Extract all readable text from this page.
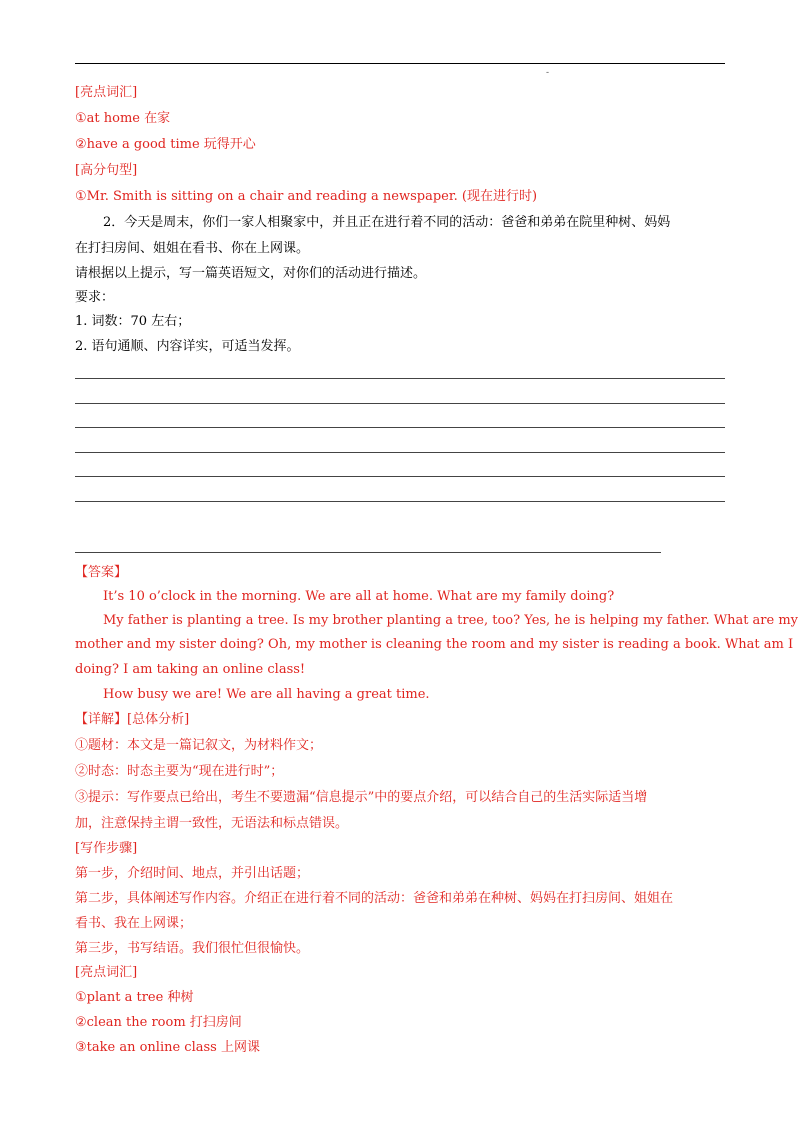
-
[亮点词汇]
①at home 在家
②have a good time 玩得开心
[高分句型]
①Mr. Smith is sitting on a chair and reading a newspaper. (现在进行时)
2．今天是周末，你们一家人相聚家中，并且正在进行着不同的活动：爸爸和弟弟在院里种树、妈妈
在打扫房间、姐姐在看书、你在上网课。
请根据以上提示，写一篇英语短文，对你们的活动进行描述。
要求：
1. 词数：70 左右；
2. 语句通顺、内容详实，可适当发挥。
【答案】
It’s 10 o’clock in the morning. We are all at home. What are my family doing?
My father is planting a tree. Is my brother planting a tree, too? Yes, he is helping my father. What are my
mother and my sister doing? Oh, my mother is cleaning the room and my sister is reading a book. What am I
doing? I am taking an online class!
How busy we are! We are all having a great time.
【详解】[总体分析]
①题材：本文是一篇记叙文，为材料作文；
②时态：时态主要为“现在进行时”；
③提示：写作要点已给出，考生不要遗漏“信息提示”中的要点介绍，可以结合自己的生活实际适当增
加，注意保持主谓一致性，无语法和标点错误。
[写作步骤]
第一步，介绍时间、地点，并引出话题；
第二步，具体阐述写作内容。介绍正在进行着不同的活动：爸爸和弟弟在种树、妈妈在打扫房间、姐姐在
看书、我在上网课；
第三步，书写结语。我们很忙但很愉快。
[亮点词汇]
①plant a tree 种树
②clean the room 打扫房间
③take an online class 上网课
